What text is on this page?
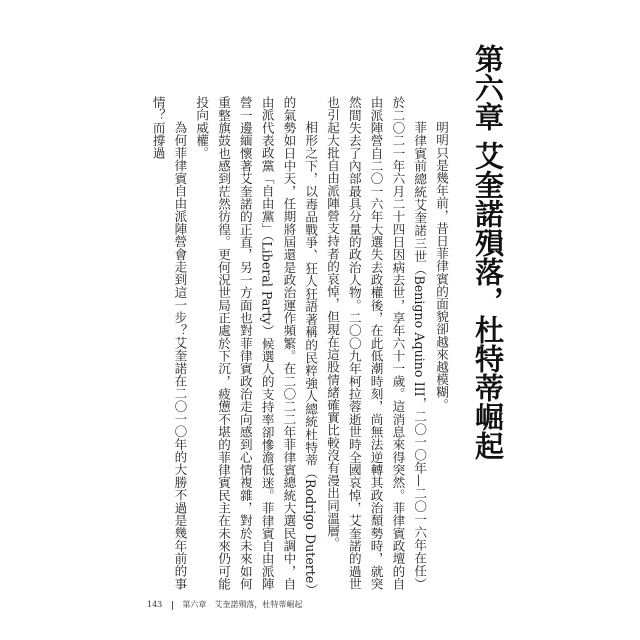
第六章 艾奎諾殞落，杜特蒂崛起

明明只是幾年前，昔日菲律賓的面貌卻越來越模糊。

菲律賓前總統艾奎諾三世（Benigno Aquino III，二〇一〇年—二〇一六年在任）於二〇二一年六月二十四日因病去世，享年六十一歲。這消息來得突然。菲律賓政壇的自由派陣營自二〇一六年大選失去政權後，在此低潮時刻，尚無法逆轉其政治頹勢時，就突然間失去了內部最具分量的政治人物。二〇〇九年柯拉蓉逝世時全國哀悼，艾奎諾的過世也引起大批自由派陣營支持者的哀悼，但現在這股情緒確實比較沒有漫出同溫層。

相形之下，以毒品戰爭、狂人狂語著稱的民粹強人總統杜特蒂（Rodrigo Duterte）的氣勢如日中天，任期將屆還是政治運作頻繁。在二〇二二年菲律賓總統大選民調中，自由派代表政黨「自由黨」（Liberal Party）候選人的支持率卻慘澹低迷。菲律賓自由派陣營一邊緬懷著艾奎諾的正直，另一方面也對菲律賓政治走向感到心情複雜，對於未來如何重整旗鼓也感到茫然彷徨。更何況世局正處於下沉，疲憊不堪的菲律賓民主在未來仍可能投向威權。

為何菲律賓自由派陣營會走到這一步？艾奎諾在二〇一〇年的大勝不過是幾年前的事情？而撐過

143	第六章　艾奎諾殞落，杜特蒂崛起
